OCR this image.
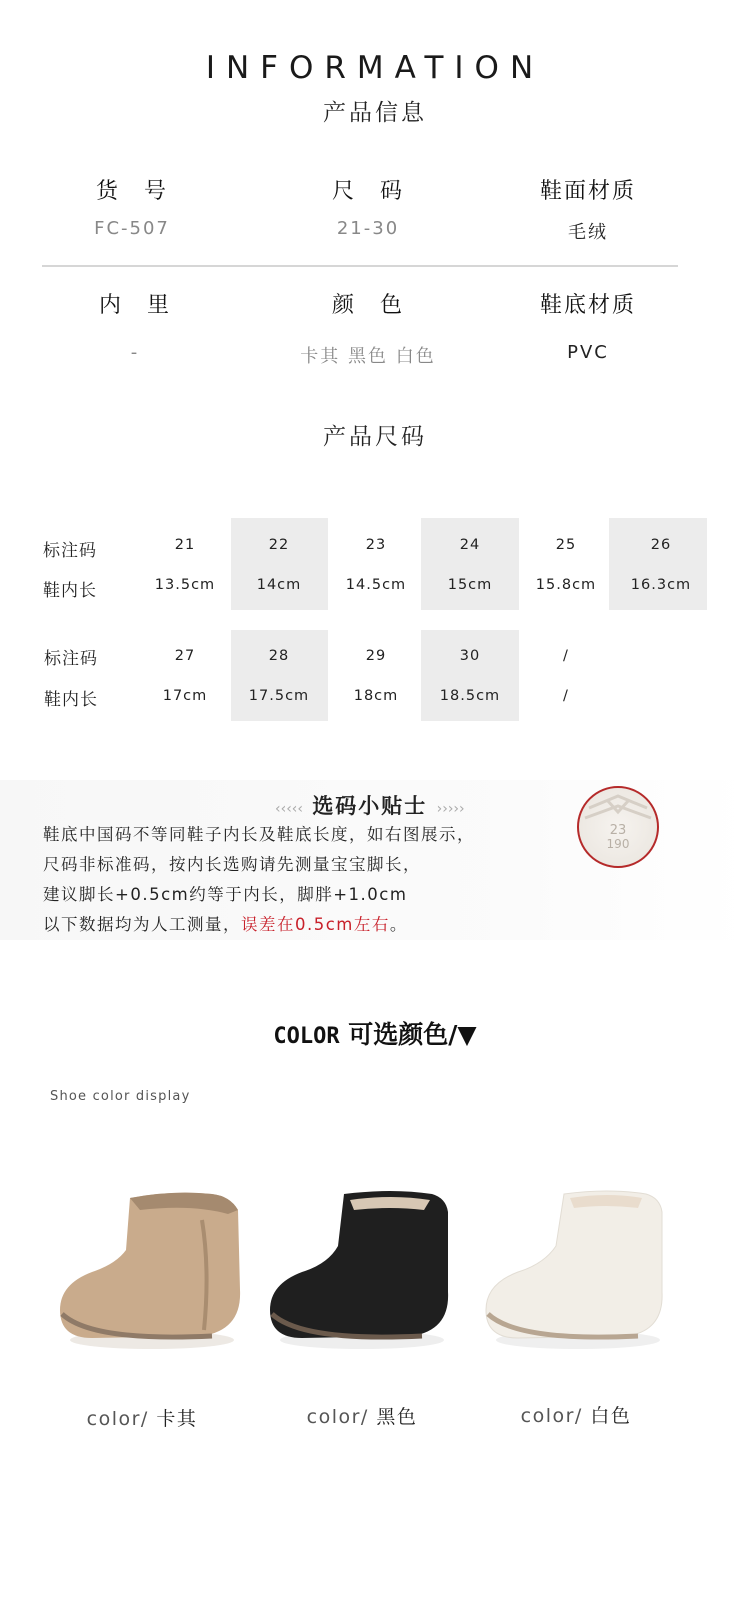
INFORMATION
产品信息
货　号
FC-507
尺　码
21-30
鞋面材质
毛绒
内　里
-
颜　色
卡其 黑色 白色
鞋底材质
PVC
产品尺码
标注码
鞋内长
21	22	23	24	25	26
13.5cm	14cm	14.5cm	15cm	15.8cm	16.3cm
标注码
鞋内长
27	28	29	30	/
17cm	17.5cm	18cm	18.5cm	/
‹‹‹‹‹ 选码小贴士 ›››››
鞋底中国码不等同鞋子内长及鞋底长度，如右图展示，
尺码非标准码，按内长选购请先测量宝宝脚长，
建议脚长+0.5cm约等于内长，脚胖+1.0cm
以下数据均为人工测量，误差在0.5cm左右。
23
190
COLOR 可选颜色/▼
Shoe color display
color/ 卡其	color/ 黑色	color/ 白色
